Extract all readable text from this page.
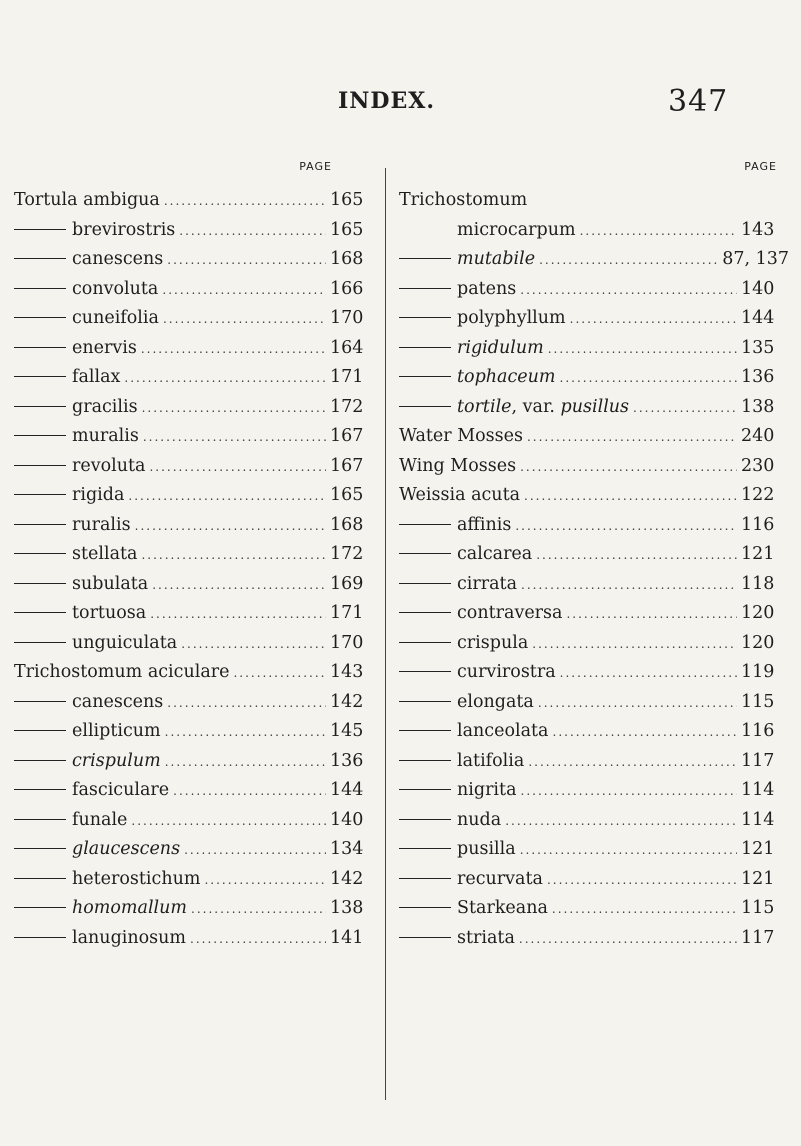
INDEX.	347
PAGE
Tortula ambigua .....	165
brevirostris .....	165
canescens .....	168
convoluta .....	166
cuneifolia .....	170
enervis .....	164
fallax .....	171
gracilis .....	172
muralis .....	167
revoluta .....	167
rigida .....	165
ruralis .....	168
stellata .....	172
subulata .....	169
tortuosa .....	171
unguiculata .....	170
Trichostomum aciculare .....	143
canescens .....	142
ellipticum .....	145
crispulum .....	136
fasciculare .....	144
funale .....	140
glaucescens .....	134
heterostichum .....	142
homomallum .....	138
lanuginosum .....	141
PAGE
Trichostomum
microcarpum .....	143
mutabile .....	87, 137
patens .....	140
polyphyllum .....	144
rigidulum .....	135
tophaceum .....	136
tortile , var. pusillus .....	138
Water Mosses .....	240
Wing Mosses .....	230
Weissia acuta .....	122
affinis .....	116
calcarea .....	121
cirrata .....	118
contraversa .....	120
crispula .....	120
curvirostra .....	119
elongata .....	115
lanceolata .....	116
latifolia .....	117
nigrita .....	114
nuda .....	114
pusilla .....	121
recurvata .....	121
Starkeana .....	115
striata .....	117
